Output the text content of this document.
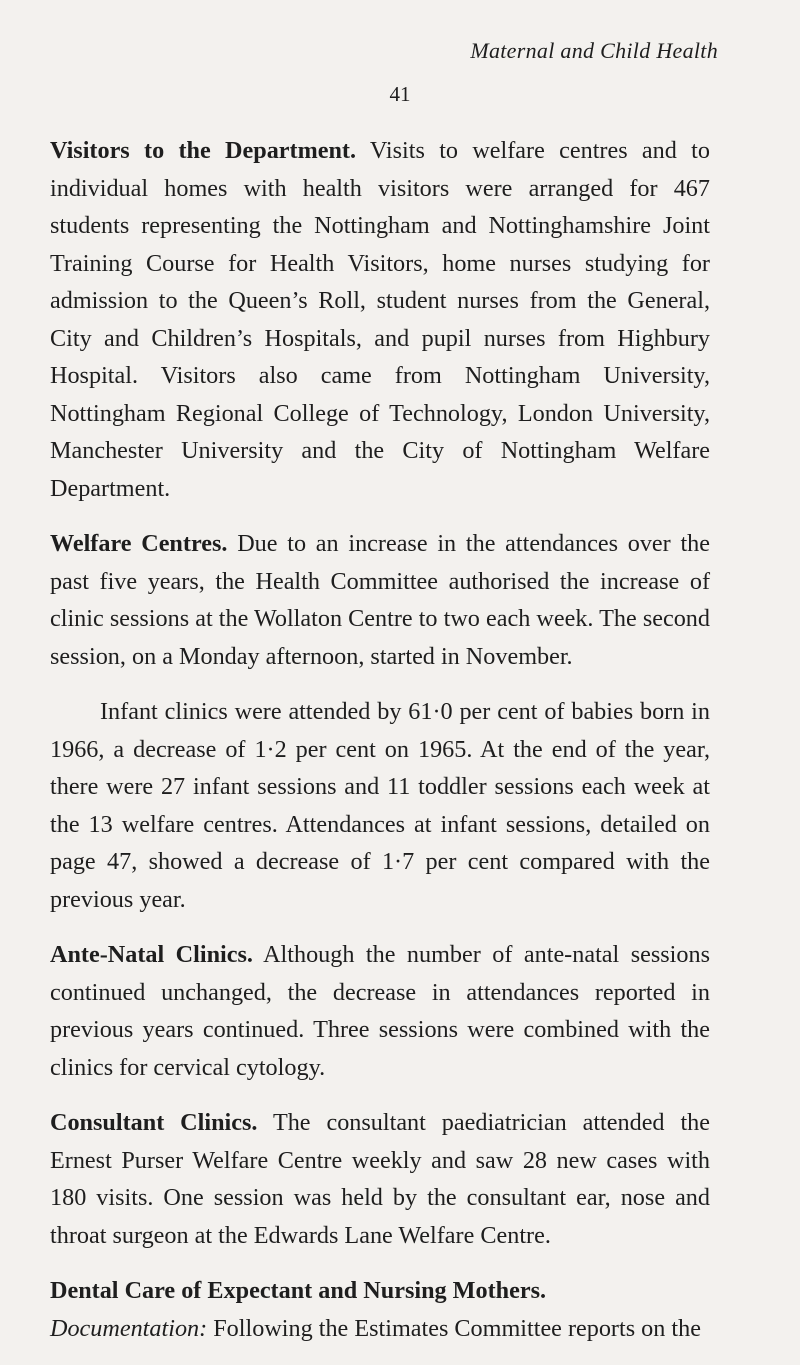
Maternal and Child Health
41

Visitors to the Department. Visits to welfare centres and to individual homes with health visitors were arranged for 467 students representing the Nottingham and Nottinghamshire Joint Training Course for Health Visitors, home nurses studying for admission to the Queen’s Roll, student nurses from the General, City and Children’s Hospitals, and pupil nurses from Highbury Hospital. Visitors also came from Nottingham University, Nottingham Regional College of Technology, London University, Manchester University and the City of Nottingham Welfare Department.

Welfare Centres. Due to an increase in the attendances over the past five years, the Health Committee authorised the increase of clinic sessions at the Wollaton Centre to two each week. The second session, on a Monday afternoon, started in November.

Infant clinics were attended by 61·0 per cent of babies born in 1966, a decrease of 1·2 per cent on 1965. At the end of the year, there were 27 infant sessions and 11 toddler sessions each week at the 13 welfare centres. Attendances at infant sessions, detailed on page 47, showed a decrease of 1·7 per cent compared with the previous year.

Ante-Natal Clinics. Although the number of ante-natal sessions continued unchanged, the decrease in attendances reported in previous years continued. Three sessions were combined with the clinics for cervical cytology.

Consultant Clinics. The consultant paediatrician attended the Ernest Purser Welfare Centre weekly and saw 28 new cases with 180 visits. One session was held by the consultant ear, nose and throat surgeon at the Edwards Lane Welfare Centre.

Dental Care of Expectant and Nursing Mothers.
Documentation: Following the Estimates Committee reports on the
